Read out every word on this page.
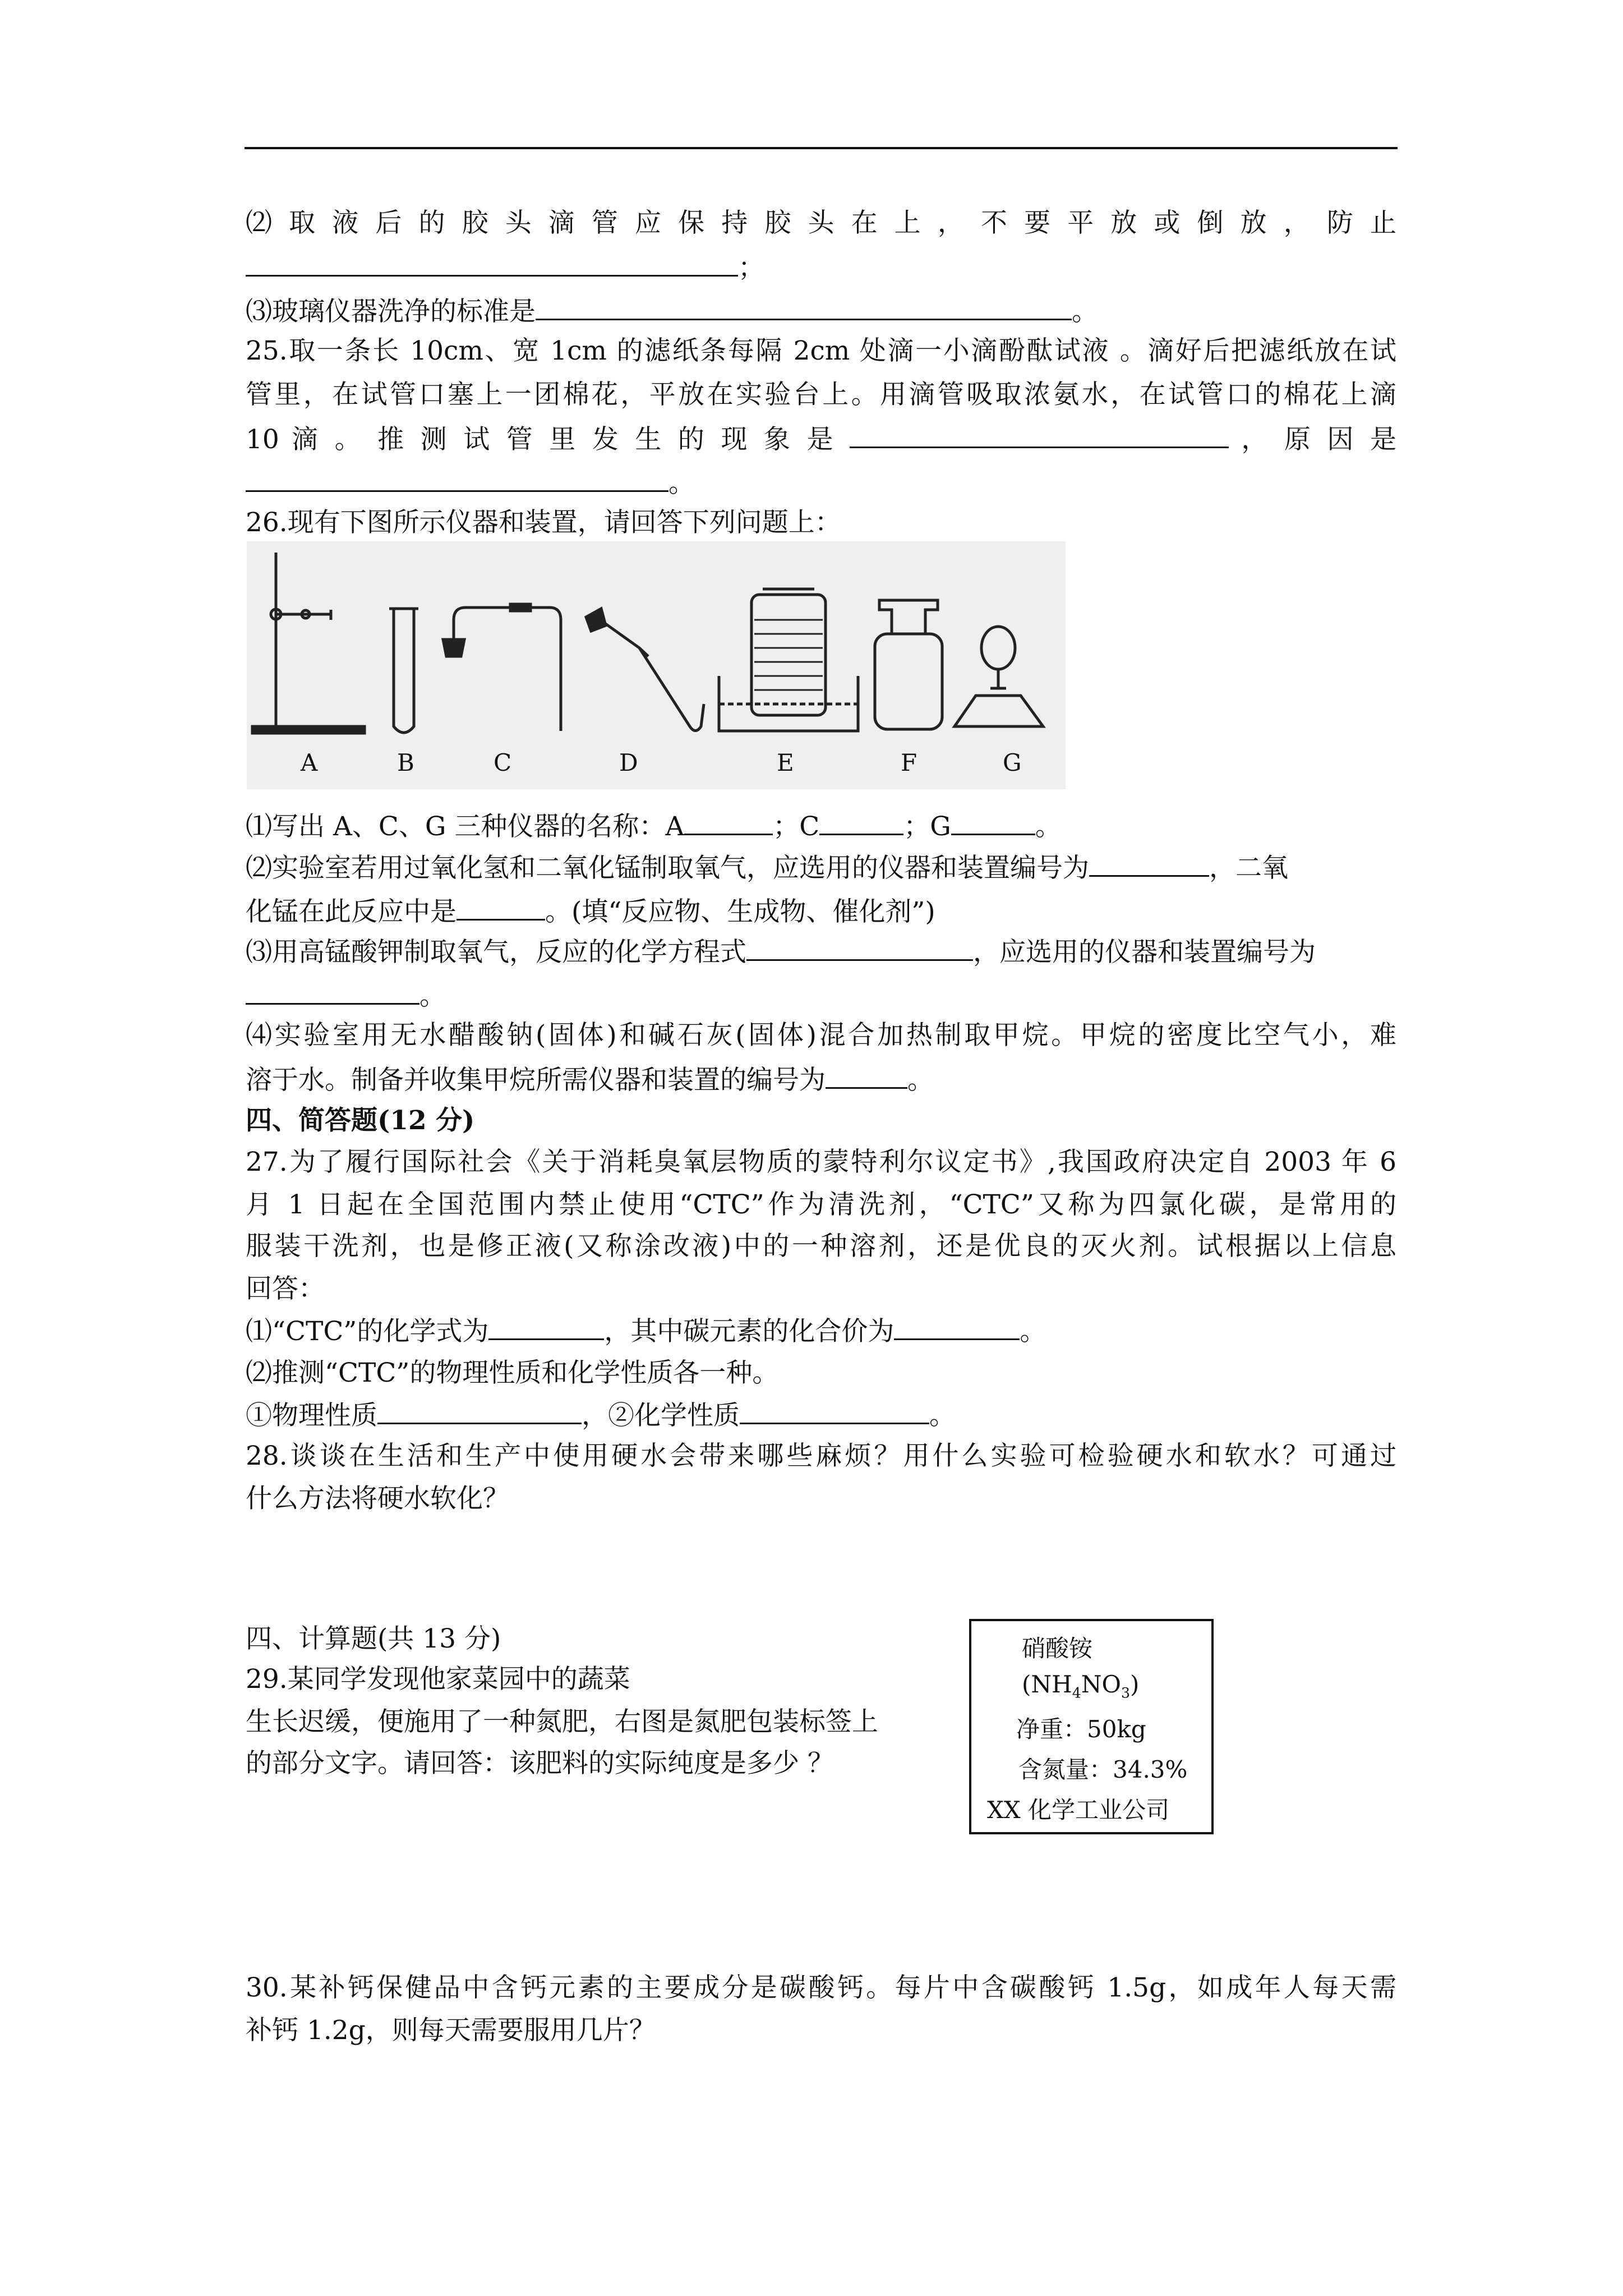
⑵ 取 液 后 的 胶 头 滴 管 应 保 持 胶 头 在 上 ， 不 要 平 放 或 倒 放 ， 防 止
；
⑶玻璃仪器洗净的标准是	。
25.取一条长 10cm、宽 1cm 的滤纸条每隔 2cm 处滴一小滴酚酞试液 。滴好后把滤纸放在试
管里，在试管口塞上一团棉花，平放在实验台上。用滴管吸取浓氨水，在试管口的棉花上滴
10 滴 。 推 测 试 管 里 发 生 的 现 象 是	， 原 因 是
。
26.现有下图所示仪器和装置，请回答下列问题上：
A	B	C	D	E	F	G
⑴写出 A、C、G 三种仪器的名称：A	；C	；G	。
⑵实验室若用过氧化氢和二氧化锰制取氧气，应选用的仪器和装置编号为	，二氧
化锰在此反应中是	。(填“反应物、生成物、催化剂”)
⑶用高锰酸钾制取氧气，反应的化学方程式	，应选用的仪器和装置编号为
。
⑷实验室用无水醋酸钠(固体)和碱石灰(固体)混合加热制取甲烷。甲烷的密度比空气小，难
溶于水。制备并收集甲烷所需仪器和装置的编号为	。
四、简答题(12 分)
27.为了履行国际社会《关于消耗臭氧层物质的蒙特利尔议定书》,我国政府决定自 2003 年 6
月 1 日起在全国范围内禁止使用“CTC”作为清洗剂，“CTC”又称为四氯化碳，是常用的
服装干洗剂，也是修正液(又称涂改液)中的一种溶剂，还是优良的灭火剂。试根据以上信息
回答：
⑴“CTC”的化学式为	，其中碳元素的化合价为	。
⑵推测“CTC”的物理性质和化学性质各一种。
①物理性质	，②化学性质	。
28.谈谈在生活和生产中使用硬水会带来哪些麻烦？用什么实验可检验硬水和软水？可通过
什么方法将硬水软化？
四、计算题(共 13 分)
29.某同学发现他家菜园中的蔬菜
生长迟缓，便施用了一种氮肥，右图是氮肥包装标签上
的部分文字。请回答：该肥料的实际纯度是多少 ？
硝酸铵
$(NH_4NO_3)$
净重：50kg
含氮量：34.3%
XX 化学工业公司
30.某补钙保健品中含钙元素的主要成分是碳酸钙。每片中含碳酸钙 1.5g，如成年人每天需
补钙 1.2g，则每天需要服用几片？
